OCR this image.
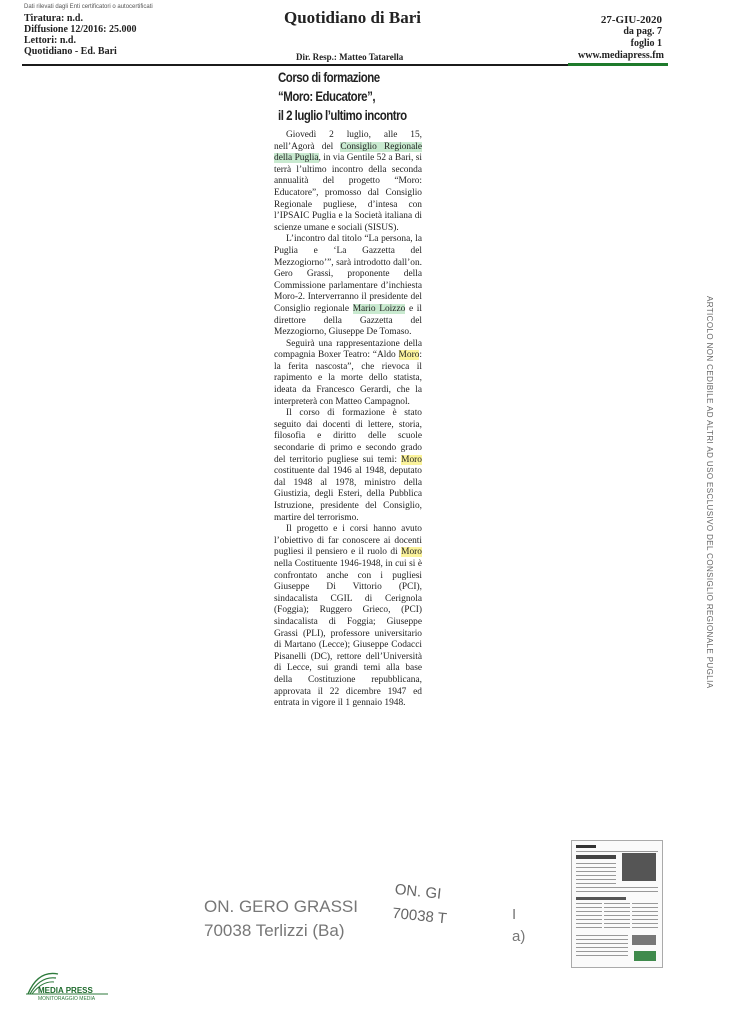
Dati rilevati dagli Enti certificatori o autocertificati
Tiratura: n.d.
Diffusione 12/2016: 25.000
Lettori: n.d.
Quotidiano - Ed. Bari
Quotidiano di Bari
Dir. Resp.: Matteo Tatarella
27-GIU-2020
da pag. 7
foglio 1
www.mediapress.fm
Corso di formazione
“Moro: Educatore”,
il 2 luglio l’ultimo incontro

Giovedì 2 luglio, alle 15, nell’Agorà del Consiglio Regionale della Puglia, in via Gentile 52 a Bari, si terrà l’ultimo incontro della seconda annualità del progetto “Moro: Educatore”, promosso dal Consiglio Regionale pugliese, d’intesa con l’IPSAIC Puglia e la Società italiana di scienze umane e sociali (SISUS).

L’incontro dal titolo “La persona, la Puglia e ‘La Gazzetta del Mezzogiorno’”, sarà introdotto dall’on. Gero Grassi, proponente della Commissione parlamentare d’inchiesta Moro-2. Interverranno il presidente del Consiglio regionale Mario Loizzo e il direttore della Gazzetta del Mezzogiorno, Giuseppe De Tomaso.

Seguirà una rappresentazione della compagnia Boxer Teatro: “Aldo Moro: la ferita nascosta”, che rievoca il rapimento e la morte dello statista, ideata da Francesco Gerardi, che la interpreterà con Matteo Campagnol.

Il corso di formazione è stato seguito dai docenti di lettere, storia, filosofia e diritto delle scuole secondarie di primo e secondo grado del territorio pugliese sui temi: Moro costituente dal 1946 al 1948, deputato dal 1948 al 1978, ministro della Giustizia, degli Esteri, della Pubblica Istruzione, presidente del Consiglio, martire del terrorismo.

Il progetto e i corsi hanno avuto l’obiettivo di far conoscere ai docenti pugliesi il pensiero e il ruolo di Moro nella Costituente 1946-1948, in cui si è confrontato anche con i pugliesi Giuseppe Di Vittorio (PCI), sindacalista CGIL di Cerignola (Foggia); Ruggero Grieco, (PCI) sindacalista di Foggia; Giuseppe Grassi (PLI), professore universitario di Martano (Lecce); Giuseppe Codacci Pisanelli (DC), rettore dell’Università di Lecce, sui grandi temi alla base della Costituzione repubblicana, approvata il 22 dicembre 1947 ed entrata in vigore il 1 gennaio 1948.

ARTICOLO NON CEDIBILE AD ALTRI AD USO ESCLUSIVO DEL CONSIGLIO REGIONALE PUGLIA
ON. GERO GRASSI
70038 Terlizzi (Ba)
ON. GI
70038 T	I
a)
MEDIA PRESS
MONITORAGGIO MEDIA
